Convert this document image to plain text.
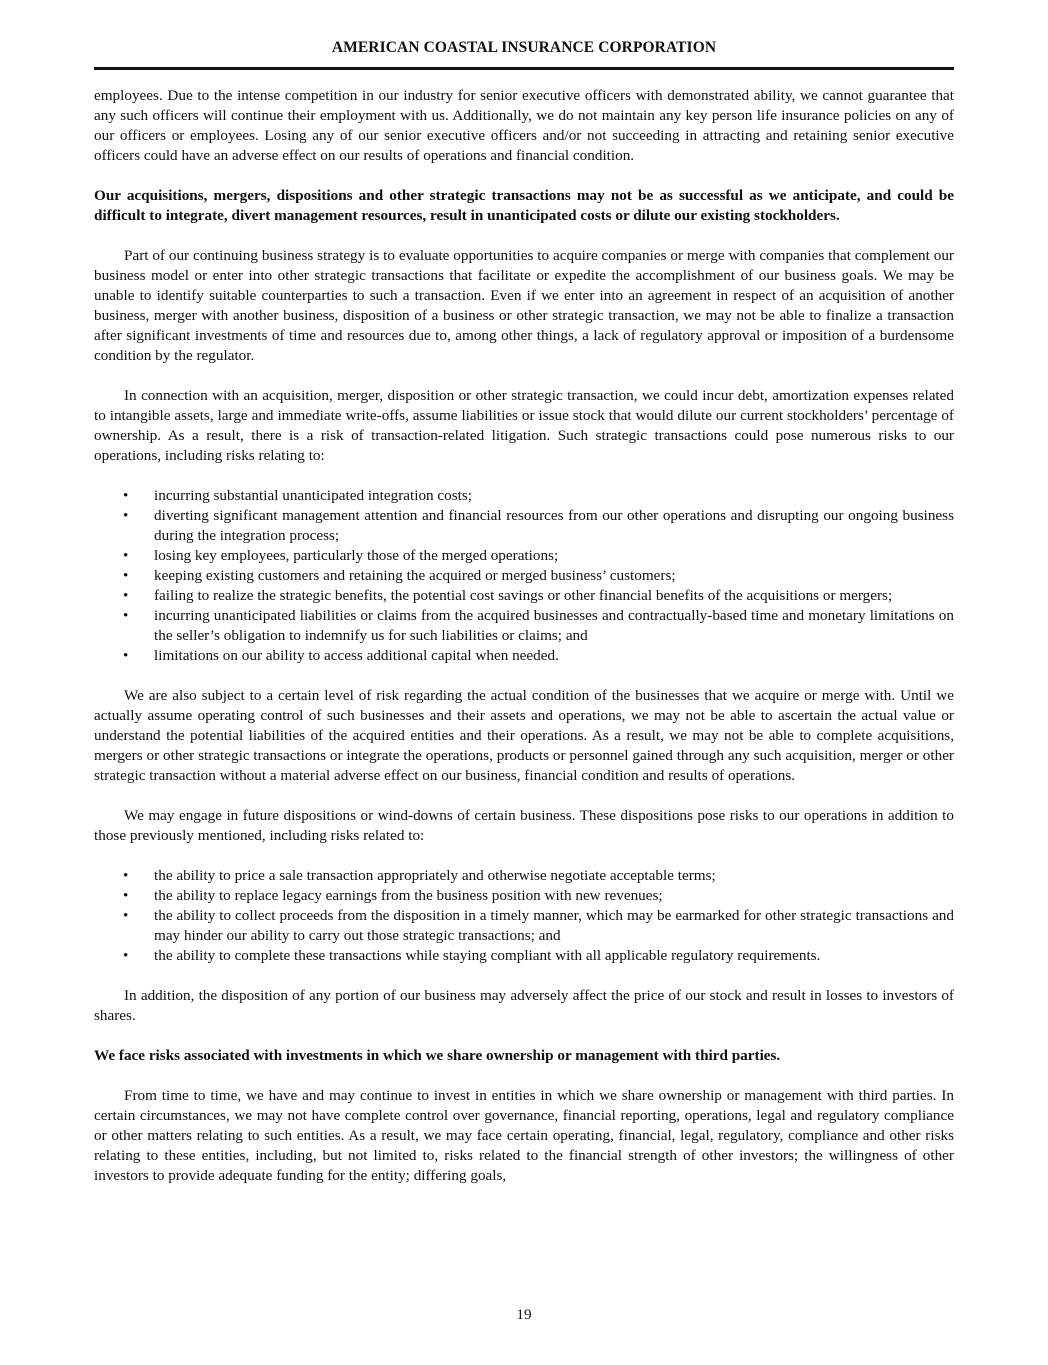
AMERICAN COASTAL INSURANCE CORPORATION

employees. Due to the intense competition in our industry for senior executive officers with demonstrated ability, we cannot guarantee that any such officers will continue their employment with us. Additionally, we do not maintain any key person life insurance policies on any of our officers or employees. Losing any of our senior executive officers and/or not succeeding in attracting and retaining senior executive officers could have an adverse effect on our results of operations and financial condition.

Our acquisitions, mergers, dispositions and other strategic transactions may not be as successful as we anticipate, and could be difficult to integrate, divert management resources, result in unanticipated costs or dilute our existing stockholders.

Part of our continuing business strategy is to evaluate opportunities to acquire companies or merge with companies that complement our business model or enter into other strategic transactions that facilitate or expedite the accomplishment of our business goals. We may be unable to identify suitable counterparties to such a transaction. Even if we enter into an agreement in respect of an acquisition of another business, merger with another business, disposition of a business or other strategic transaction, we may not be able to finalize a transaction after significant investments of time and resources due to, among other things, a lack of regulatory approval or imposition of a burdensome condition by the regulator.

In connection with an acquisition, merger, disposition or other strategic transaction, we could incur debt, amortization expenses related to intangible assets, large and immediate write-offs, assume liabilities or issue stock that would dilute our current stockholders’ percentage of ownership. As a result, there is a risk of transaction-related litigation. Such strategic transactions could pose numerous risks to our operations, including risks relating to:

• incurring substantial unanticipated integration costs;
• diverting significant management attention and financial resources from our other operations and disrupting our ongoing business during the integration process;
• losing key employees, particularly those of the merged operations;
• keeping existing customers and retaining the acquired or merged business’ customers;
• failing to realize the strategic benefits, the potential cost savings or other financial benefits of the acquisitions or mergers;
• incurring unanticipated liabilities or claims from the acquired businesses and contractually-based time and monetary limitations on the seller’s obligation to indemnify us for such liabilities or claims; and
• limitations on our ability to access additional capital when needed.

We are also subject to a certain level of risk regarding the actual condition of the businesses that we acquire or merge with. Until we actually assume operating control of such businesses and their assets and operations, we may not be able to ascertain the actual value or understand the potential liabilities of the acquired entities and their operations. As a result, we may not be able to complete acquisitions, mergers or other strategic transactions or integrate the operations, products or personnel gained through any such acquisition, merger or other strategic transaction without a material adverse effect on our business, financial condition and results of operations.

We may engage in future dispositions or wind-downs of certain business. These dispositions pose risks to our operations in addition to those previously mentioned, including risks related to:

• the ability to price a sale transaction appropriately and otherwise negotiate acceptable terms;
• the ability to replace legacy earnings from the business position with new revenues;
• the ability to collect proceeds from the disposition in a timely manner, which may be earmarked for other strategic transactions and may hinder our ability to carry out those strategic transactions; and
• the ability to complete these transactions while staying compliant with all applicable regulatory requirements.

In addition, the disposition of any portion of our business may adversely affect the price of our stock and result in losses to investors of shares.

We face risks associated with investments in which we share ownership or management with third parties.

From time to time, we have and may continue to invest in entities in which we share ownership or management with third parties. In certain circumstances, we may not have complete control over governance, financial reporting, operations, legal and regulatory compliance or other matters relating to such entities. As a result, we may face certain operating, financial, legal, regulatory, compliance and other risks relating to these entities, including, but not limited to, risks related to the financial strength of other investors; the willingness of other investors to provide adequate funding for the entity; differing goals,

19
